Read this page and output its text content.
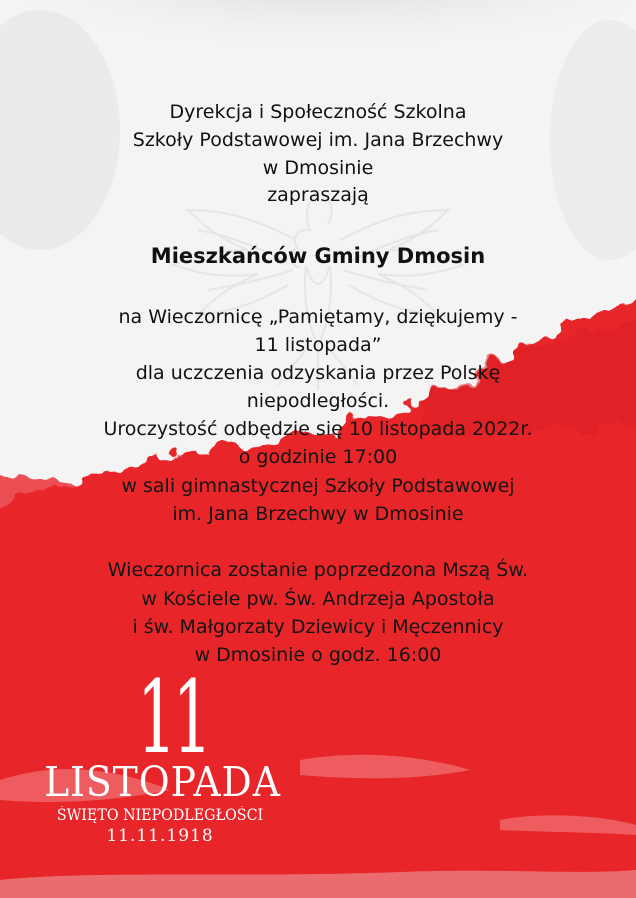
Dyrekcja i Społeczność Szkolna
Szkoły Podstawowej im. Jana Brzechwy
w Dmosinie
zapraszają
Mieszkańców Gminy Dmosin
na Wieczornicę „Pamiętamy, dziękujemy -
11 listopada”
dla uczczenia odzyskania przez Polskę
niepodległości.
Uroczystość odbędzie się 10 listopada 2022r.
o godzinie 17:00
w sali gimnastycznej Szkoły Podstawowej
im. Jana Brzechwy w Dmosinie
Wieczornica zostanie poprzedzona Mszą Św.
w Kościele pw. Św. Andrzeja Apostoła
i św. Małgorzaty Dziewicy i Męczennicy
w Dmosinie o godz. 16:00
11
LISTOPADA
ŚWIĘTO NIEPODLEGŁOŚCI
11.11.1918
